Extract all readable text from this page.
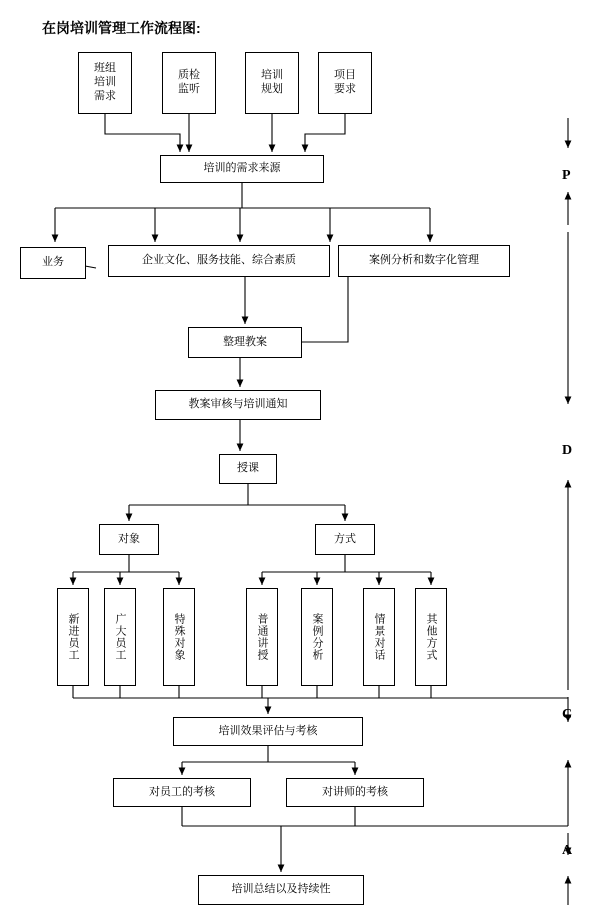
在岗培训管理工作流程图:
班组
培训
需求
质检
监听
培训
规划
项目
要求
培训的需求来源
业务	企业文化、服务技能、综合素质	案例分析和数字化管理
整理教案
教案审核与培训通知
授课
对象	方式
新进员工	广大员工	特殊对象	普通讲授	案例分析	情景对话	其他方式
培训效果评估与考核
对员工的考核	对讲师的考核
培训总结以及持续性
P
D
C
A
